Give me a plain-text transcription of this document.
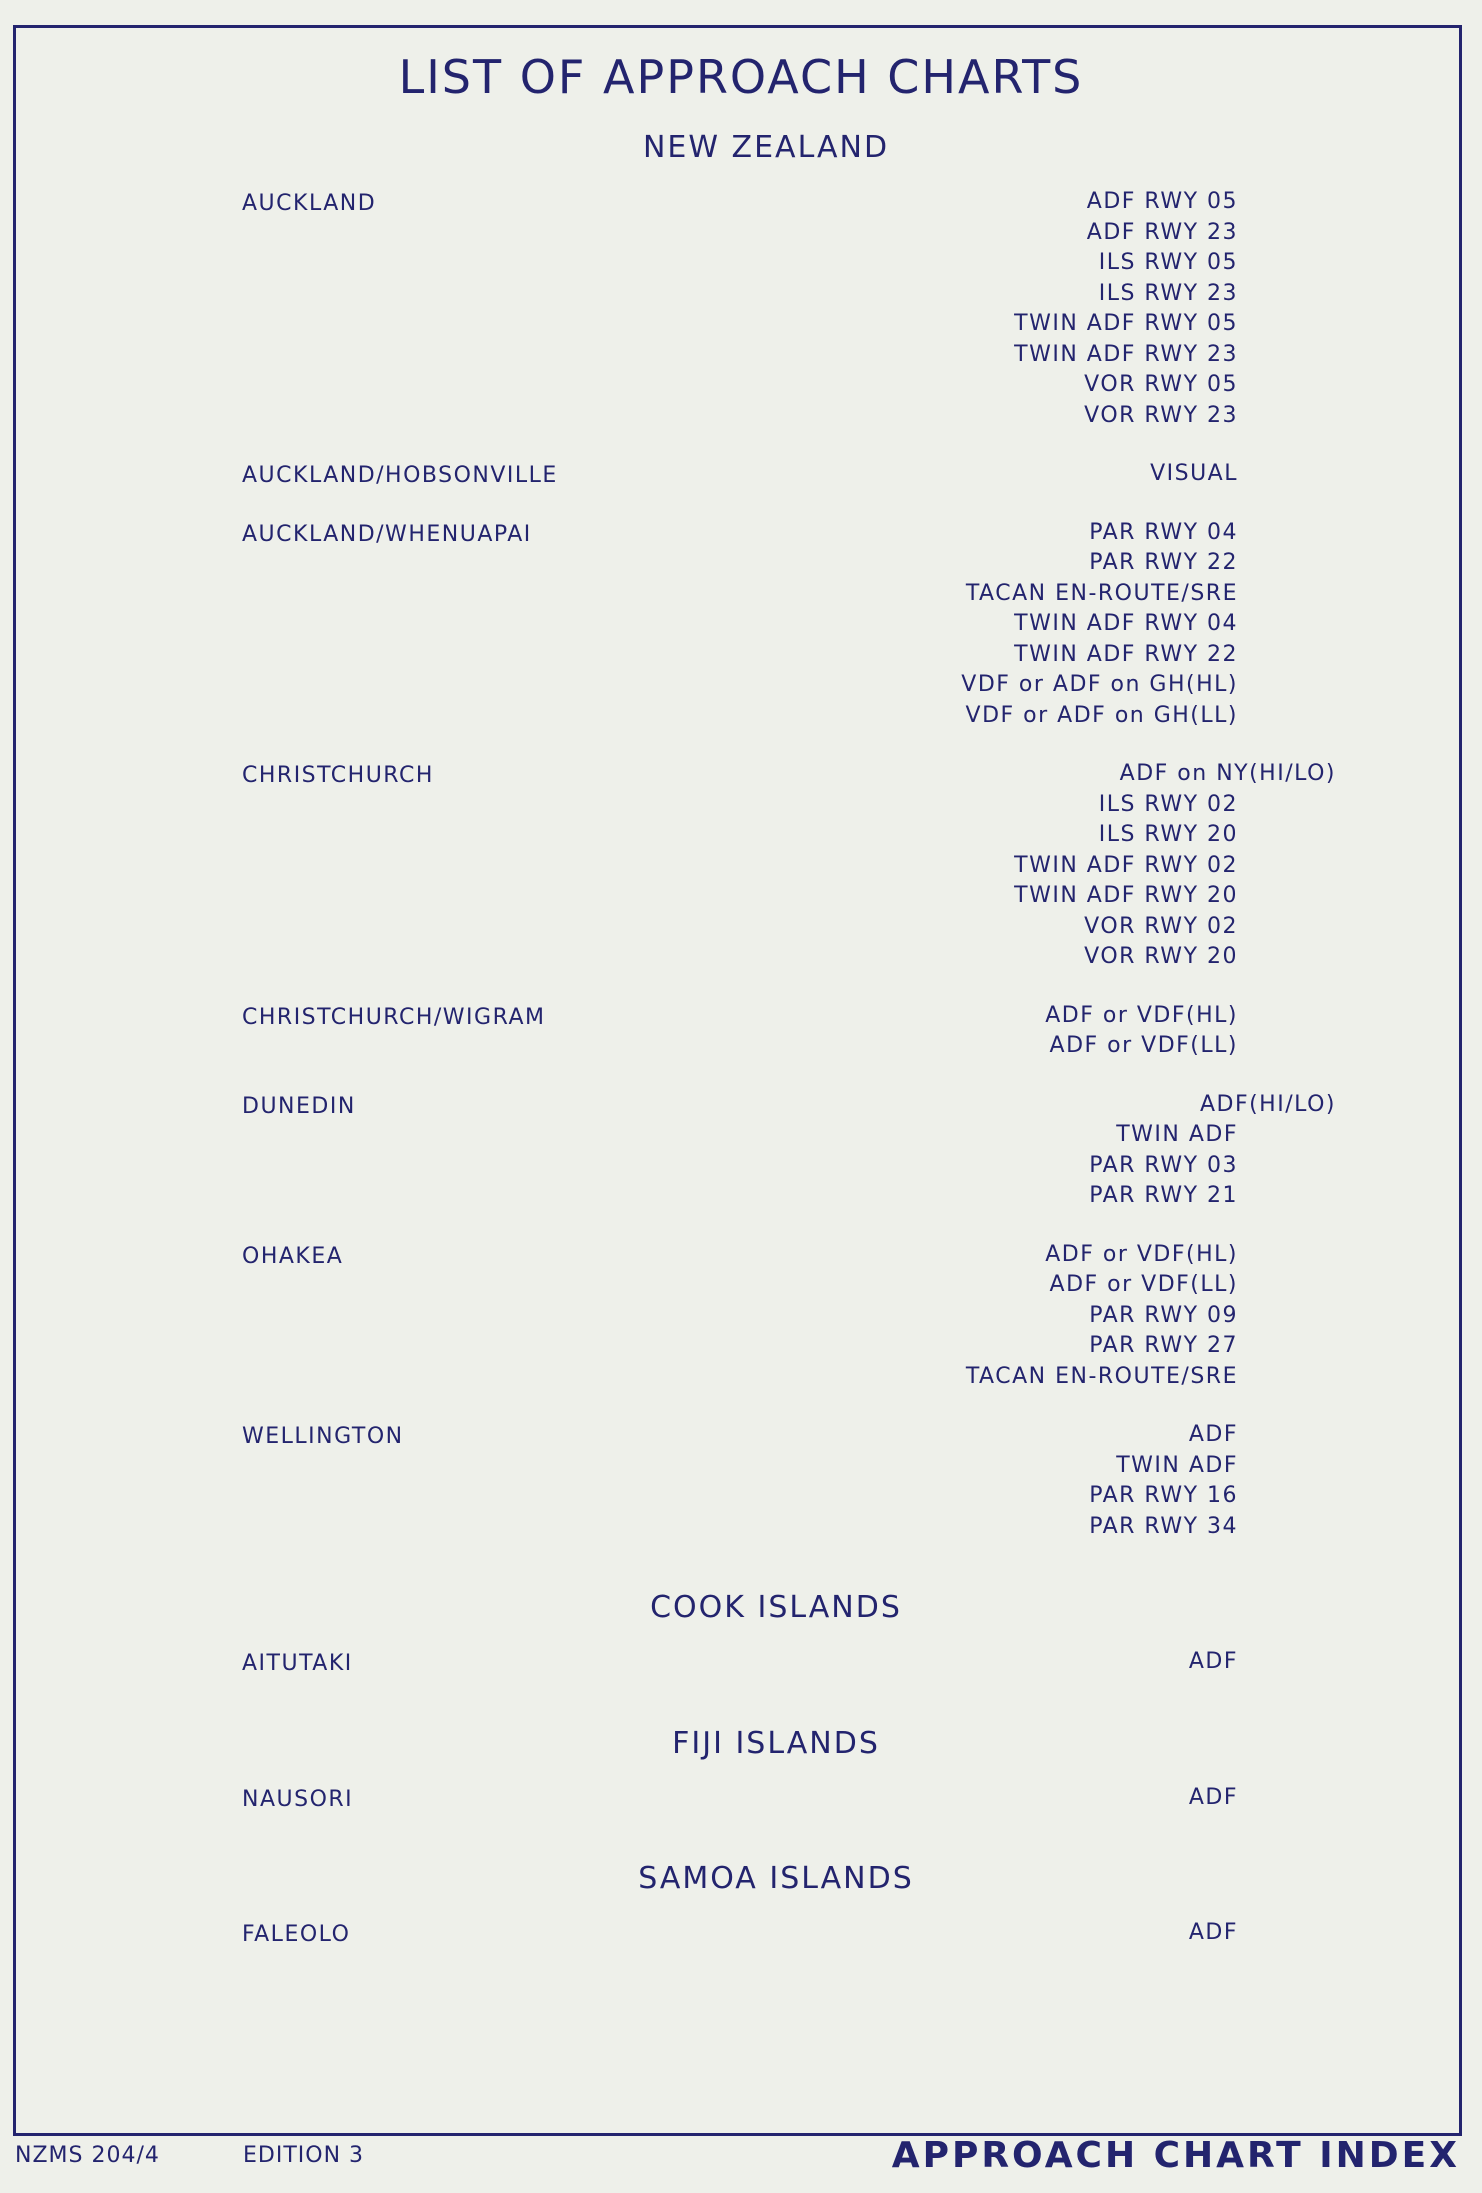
LIST OF APPROACH CHARTS
NEW ZEALAND
AUCKLAND	ADF RWY 05
ADF RWY 23
ILS RWY 05
ILS RWY 23
TWIN ADF RWY 05
TWIN ADF RWY 23
VOR RWY 05
VOR RWY 23
AUCKLAND/HOBSONVILLE	VISUAL
AUCKLAND/WHENUAPAI	PAR RWY 04
PAR RWY 22
TACAN EN-ROUTE/SRE
TWIN ADF RWY 04
TWIN ADF RWY 22
VDF or ADF on GH(HL)
VDF or ADF on GH(LL)
CHRISTCHURCH	ADF on NY(HI/LO)
ILS RWY 02
ILS RWY 20
TWIN ADF RWY 02
TWIN ADF RWY 20
VOR RWY 02
VOR RWY 20
CHRISTCHURCH/WIGRAM	ADF or VDF(HL)
ADF or VDF(LL)
DUNEDIN	ADF(HI/LO)
TWIN ADF
PAR RWY 03
PAR RWY 21
OHAKEA	ADF or VDF(HL)
ADF or VDF(LL)
PAR RWY 09
PAR RWY 27
TACAN EN-ROUTE/SRE
WELLINGTON	ADF
TWIN ADF
PAR RWY 16
PAR RWY 34
COOK ISLANDS
AITUTAKI	ADF
FIJI ISLANDS
NAUSORI	ADF
SAMOA ISLANDS
FALEOLO	ADF
NZMS 204/4	EDITION 3	APPROACH CHART INDEX
